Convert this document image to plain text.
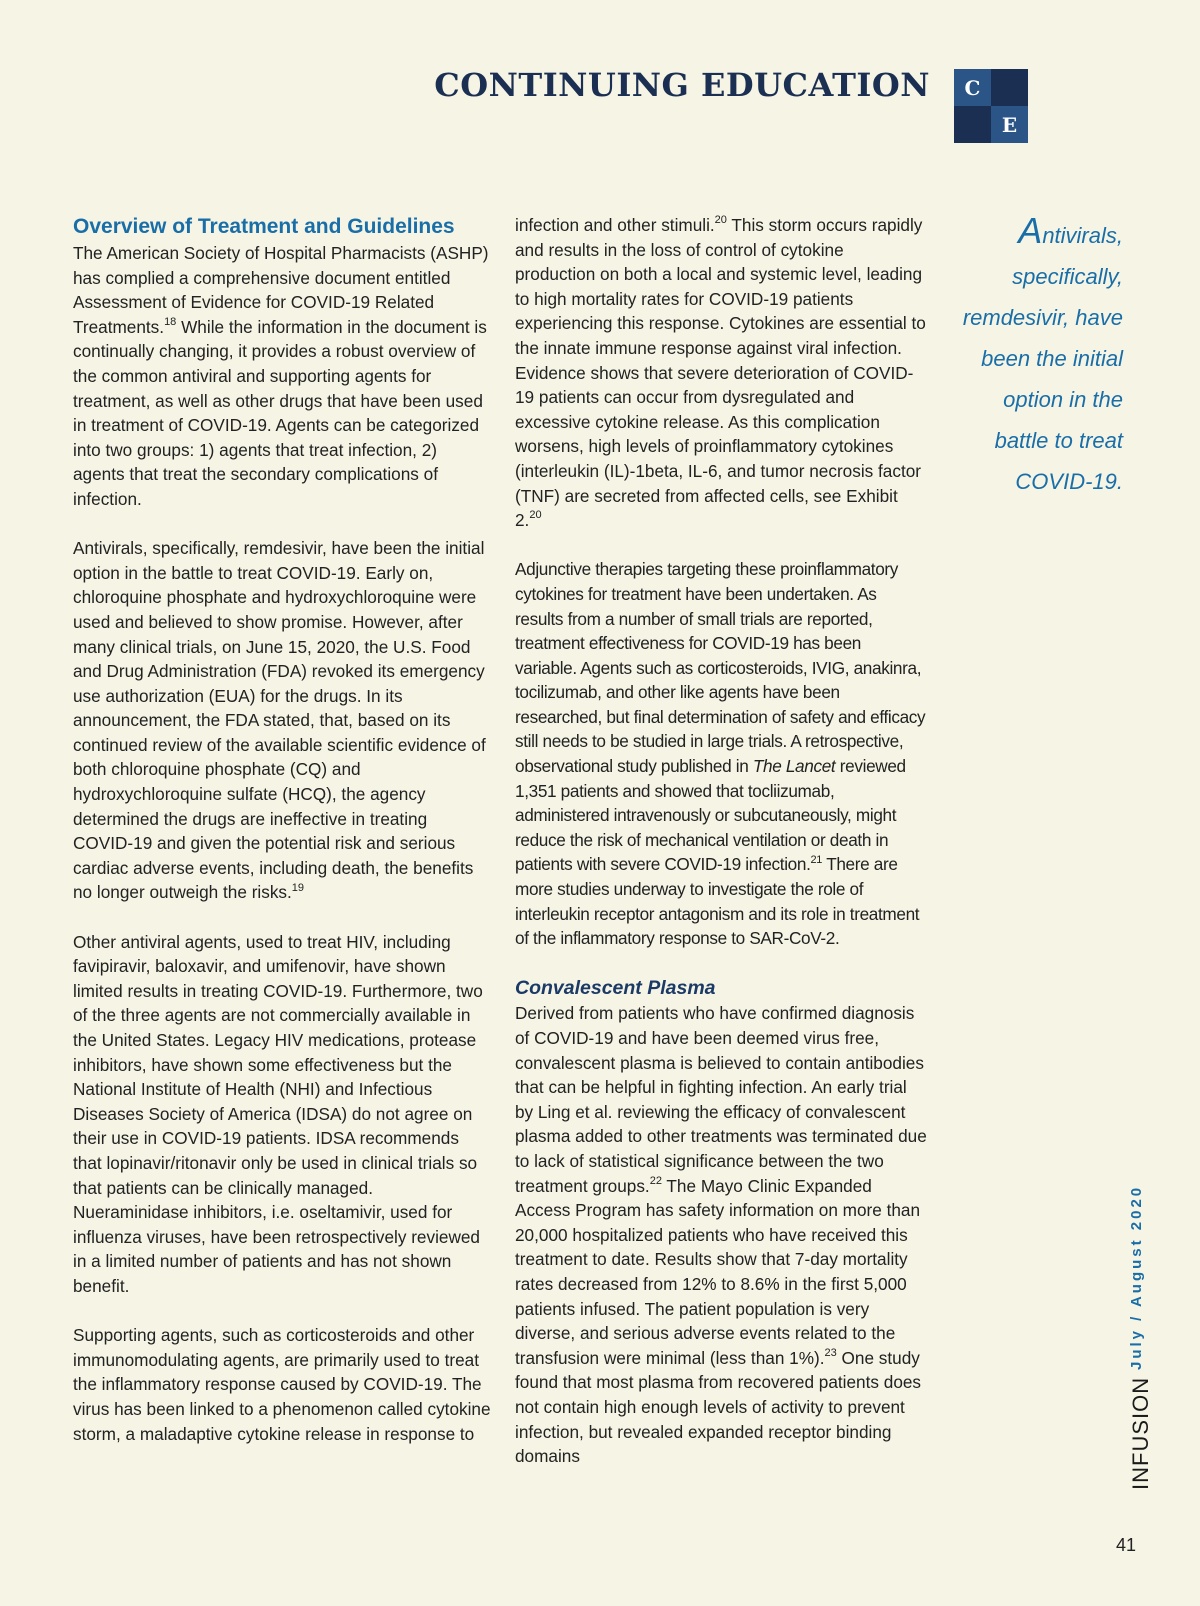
CONTINUING EDUCATION C
E
Overview of Treatment and Guidelines

The American Society of Hospital Pharmacists (ASHP) has complied a comprehensive document entitled Assessment of Evidence for COVID-19 Related Treatments.$^{18}$ While the information in the document is continually changing, it provides a robust overview of the common antiviral and supporting agents for treatment, as well as other drugs that have been used in treatment of COVID-19. Agents can be categorized into two groups: 1) agents that treat infection, 2) agents that treat the secondary complications of infection.

Antivirals, specifically, remdesivir, have been the initial option in the battle to treat COVID-19. Early on, chloroquine phosphate and hydroxychloroquine were used and believed to show promise. However, after many clinical trials, on June 15, 2020, the U.S. Food and Drug Administration (FDA) revoked its emergency use authorization (EUA) for the drugs. In its announcement, the FDA stated, that, based on its continued review of the available scientific evidence of both chloroquine phosphate (CQ) and hydroxychloroquine sulfate (HCQ), the agency determined the drugs are ineffective in treating COVID-19 and given the potential risk and serious cardiac adverse events, including death, the benefits no longer outweigh the risks.$^{19}$

Other antiviral agents, used to treat HIV, including favipiravir, baloxavir, and umifenovir, have shown limited results in treating COVID-19. Furthermore, two of the three agents are not commercially available in the United States. Legacy HIV medications, protease inhibitors, have shown some effectiveness but the National Institute of Health (NHI) and Infectious Diseases Society of America (IDSA) do not agree on their use in COVID-19 patients. IDSA recommends that lopinavir/ritonavir only be used in clinical trials so that patients can be clinically managed. Nueraminidase inhibitors, i.e. oseltamivir, used for influenza viruses, have been retrospectively reviewed in a limited number of patients and has not shown benefit.

Supporting agents, such as corticosteroids and other immunomodulating agents, are primarily used to treat the inflammatory response caused by COVID-19. The virus has been linked to a phenomenon called cytokine storm, a maladaptive cytokine release in response to

infection and other stimuli.$^{20}$ This storm occurs rapidly and results in the loss of control of cytokine production on both a local and systemic level, leading to high mortality rates for COVID-19 patients experiencing this response. Cytokines are essential to the innate immune response against viral infection. Evidence shows that severe deterioration of COVID-19 patients can occur from dysregulated and excessive cytokine release. As this complication worsens, high levels of proinflammatory cytokines (interleukin (IL)-1beta, IL-6, and tumor necrosis factor (TNF) are secreted from affected cells, see Exhibit 2.20

Adjunctive therapies targeting these proinflammatory cytokines for treatment have been undertaken. As results from a number of small trials are reported, treatment effectiveness for COVID-19 has been variable. Agents such as corticosteroids, IVIG, anakinra, tocilizumab, and other like agents have been researched, but final determination of safety and efficacy still needs to be studied in large trials. A retrospective, observational study published in The Lancet reviewed 1,351 patients and showed that tocliizumab, administered intravenously or subcutaneously, might reduce the risk of mechanical ventilation or death in patients with severe COVID-19 infection.$^{21}$ There are more studies underway to investigate the role of interleukin receptor antagonism and its role in treatment of the inflammatory response to SAR-CoV-2.

Convalescent Plasma

Derived from patients who have confirmed diagnosis of COVID-19 and have been deemed virus free, convalescent plasma is believed to contain antibodies that can be helpful in fighting infection. An early trial by Ling et al. reviewing the efficacy of convalescent plasma added to other treatments was terminated due to lack of statistical significance between the two treatment groups.$^{22}$ The Mayo Clinic Expanded Access Program has safety information on more than 20,000 hospitalized patients who have received this treatment to date. Results show that 7-day mortality rates decreased from 12% to 8.6% in the first 5,000 patients infused. The patient population is very diverse, and serious adverse events related to the transfusion were minimal (less than 1%).$^{23}$ One study found that most plasma from recovered patients does not contain high enough levels of activity to prevent infection, but revealed expanded receptor binding domains

Antivirals, specifically, remdesivir, have been the initial option in the battle to treat COVID-19.
July / August 2020
INFUSION
41
